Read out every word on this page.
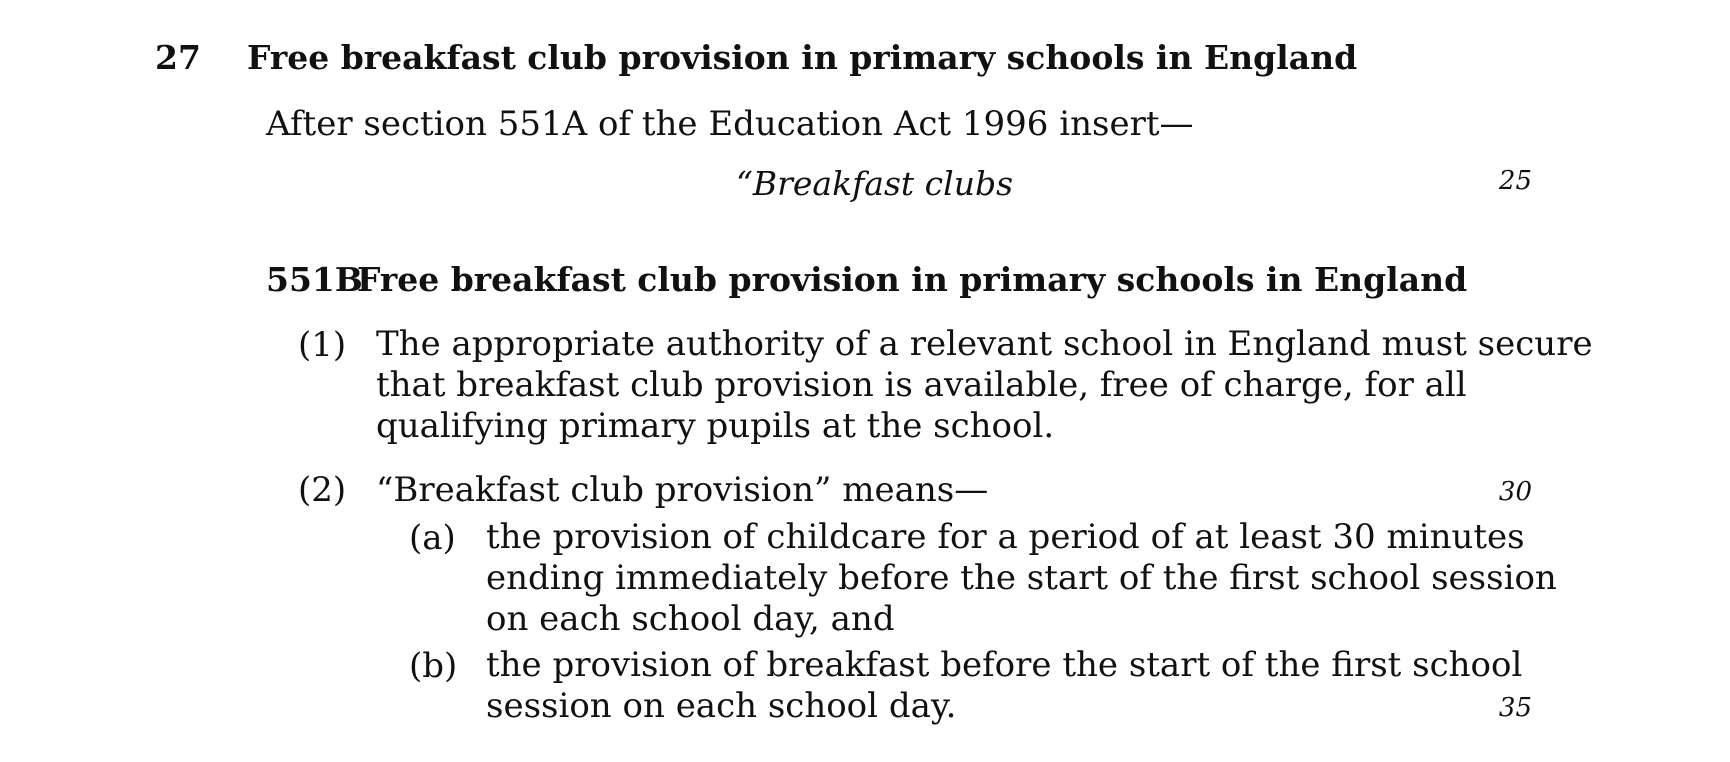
27 Free breakfast club provision in primary schools in England
After section 551A of the Education Act 1996 insert—
“Breakfast clubs	25
551B
Free breakfast club provision in primary schools in England
(1) The appropriate authority of a relevant school in England must secure
that breakfast club provision is available, free of charge, for all
qualifying primary pupils at the school.
(2) “Breakfast club provision” means—	30
(a) the provision of childcare for a period of at least 30 minutes
ending immediately before the start of the first school session
on each school day, and
(b) the provision of breakfast before the start of the first school
session on each school day.	35
